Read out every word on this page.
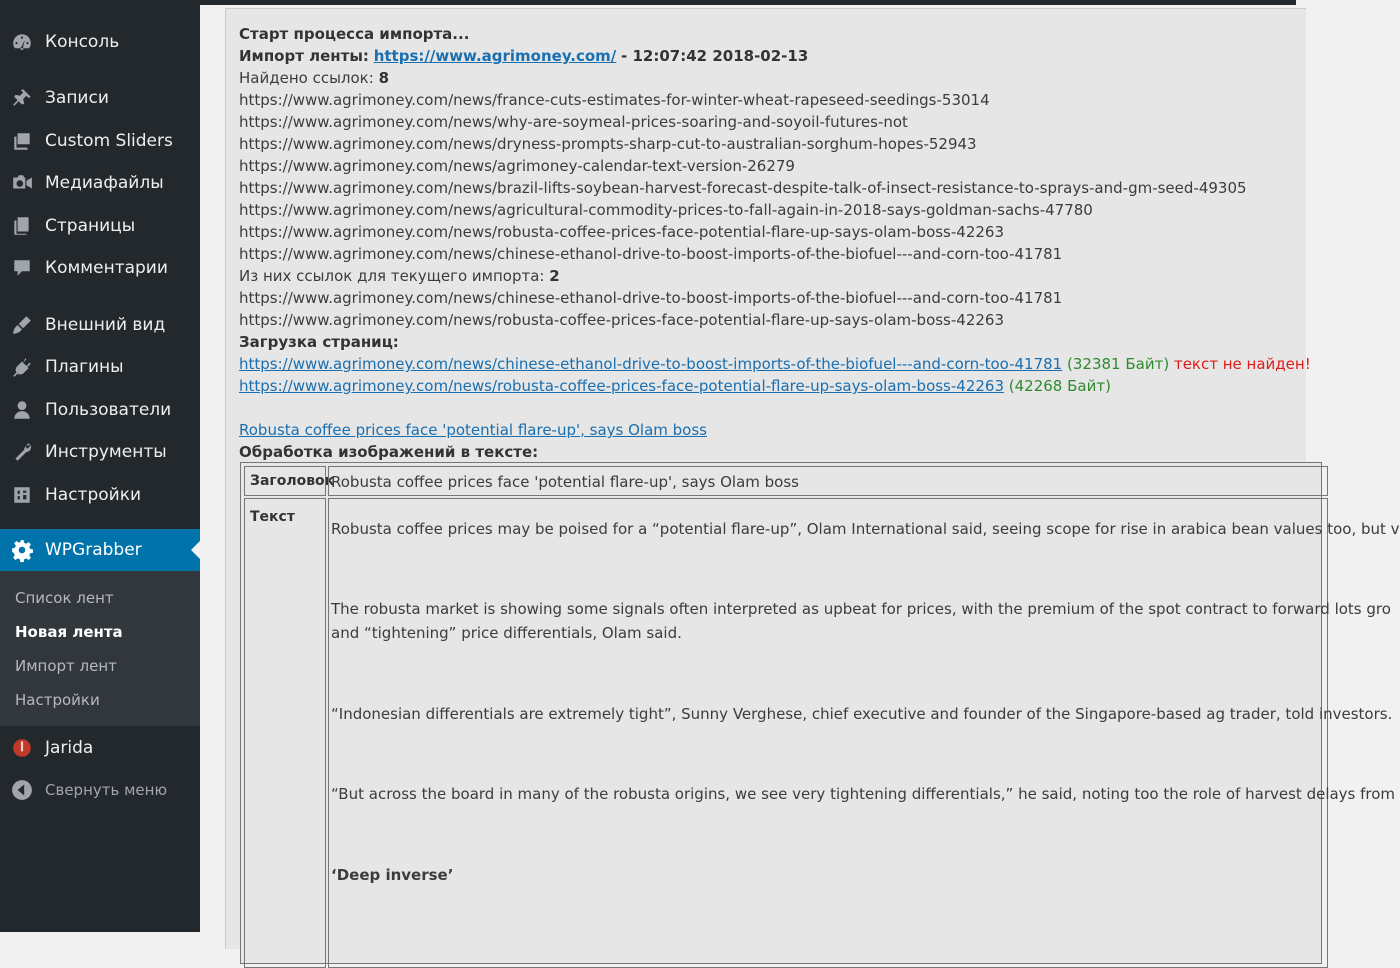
Консоль
Записи
Custom Sliders
Медиафайлы
Страницы
Комментарии
Внешний вид
Плагины
Пользователи
Инструменты
Настройки
WPGrabber
Список лент
Новая лента
Импорт лент
Настройки
Jarida
Свернуть меню
Старт процесса импорта...
Импорт ленты: https://www.agrimoney.com/ - 12:07:42 2018-02-13
Найдено ссылок: 8
https://www.agrimoney.com/news/france-cuts-estimates-for-winter-wheat-rapeseed-seedings-53014
https://www.agrimoney.com/news/why-are-soymeal-prices-soaring-and-soyoil-futures-not
https://www.agrimoney.com/news/dryness-prompts-sharp-cut-to-australian-sorghum-hopes-52943
https://www.agrimoney.com/news/agrimoney-calendar-text-version-26279
https://www.agrimoney.com/news/brazil-lifts-soybean-harvest-forecast-despite-talk-of-insect-resistance-to-sprays-and-gm-seed-49305
https://www.agrimoney.com/news/agricultural-commodity-prices-to-fall-again-in-2018-says-goldman-sachs-47780
https://www.agrimoney.com/news/robusta-coffee-prices-face-potential-flare-up-says-olam-boss-42263
https://www.agrimoney.com/news/chinese-ethanol-drive-to-boost-imports-of-the-biofuel---and-corn-too-41781
Из них ссылок для текущего импорта: 2
https://www.agrimoney.com/news/chinese-ethanol-drive-to-boost-imports-of-the-biofuel---and-corn-too-41781
https://www.agrimoney.com/news/robusta-coffee-prices-face-potential-flare-up-says-olam-boss-42263
Загрузка страниц:
https://www.agrimoney.com/news/chinese-ethanol-drive-to-boost-imports-of-the-biofuel---and-corn-too-41781 (32381 Байт) текст не найден!
https://www.agrimoney.com/news/robusta-coffee-prices-face-potential-flare-up-says-olam-boss-42263 (42268 Байт)
Robusta coffee prices face 'potential flare-up', says Olam boss
Обработка изображений в тексте:
Заголовок
Robusta coffee prices face 'potential flare-up', says Olam boss
Текст
Robusta coffee prices may be poised for a “potential flare-up”, Olam International said, seeing scope for rise in arabica bean values too, but v
The robusta market is showing some signals often interpreted as upbeat for prices, with the premium of the spot contract to forward lots gro
and “tightening” price differentials, Olam said.
“Indonesian differentials are extremely tight”, Sunny Verghese, chief executive and founder of the Singapore-based ag trader, told investors.
“But across the board in many of the robusta origins, we see very tightening differentials,” he said, noting too the role of harvest delays from
‘Deep inverse’
